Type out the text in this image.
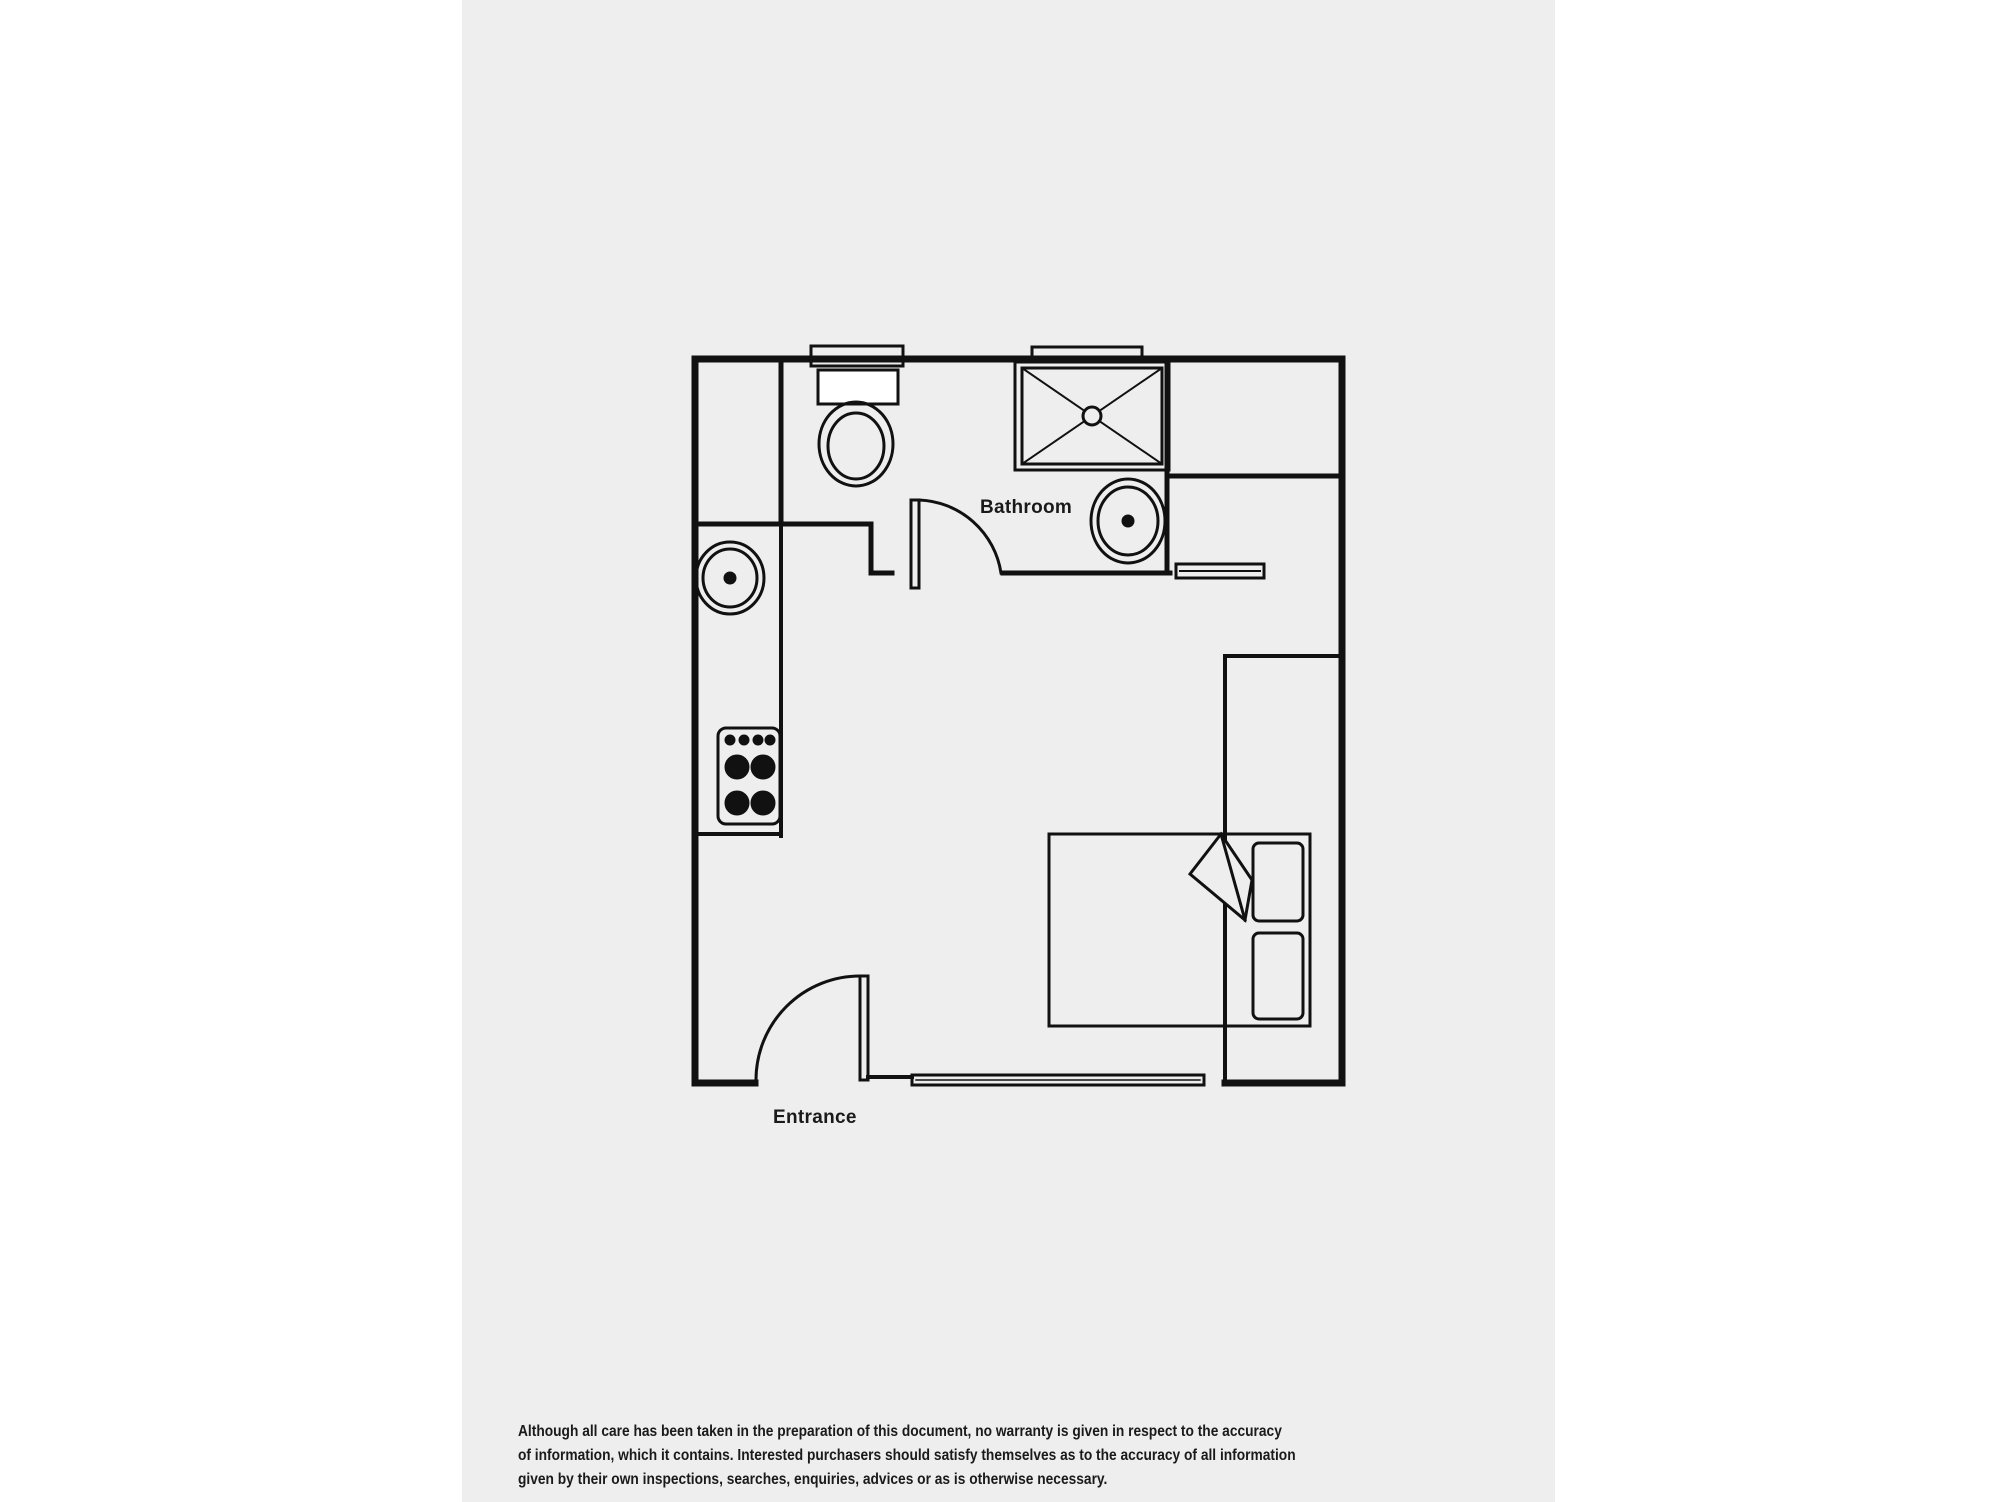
Bathroom
Entrance
Although all care has been taken in the preparation of this document, no warranty is given in respect to the accuracy
of information, which it contains. Interested purchasers should satisfy themselves as to the accuracy of all information
given by their own inspections, searches, enquiries, advices or as is otherwise necessary.
